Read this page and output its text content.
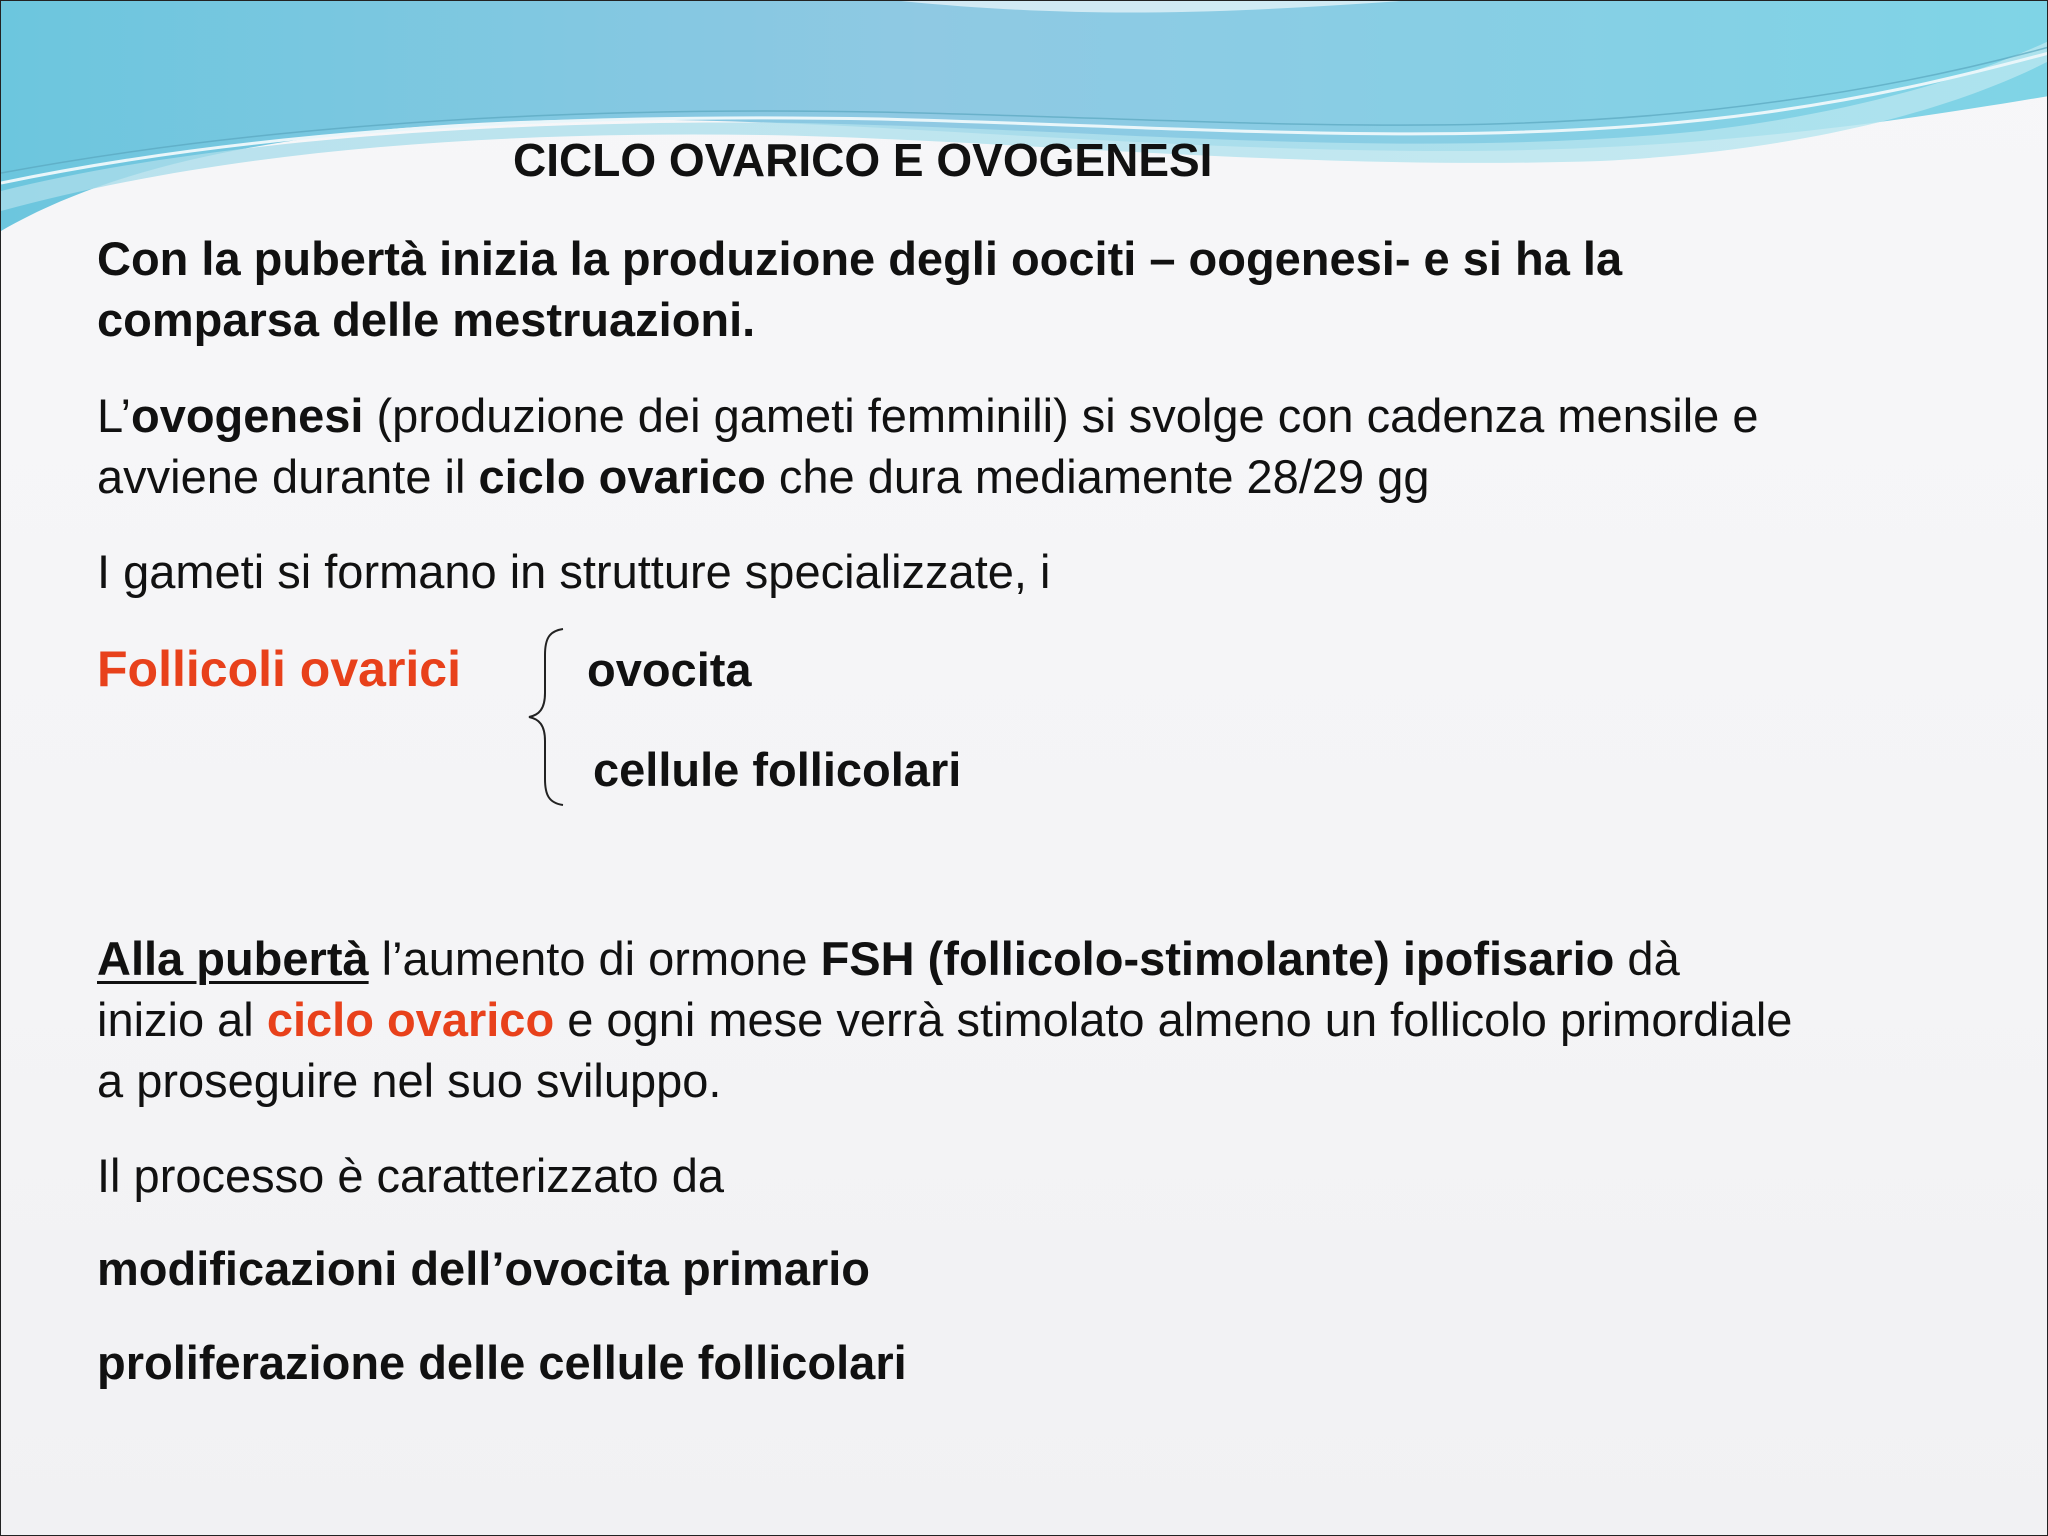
CICLO OVARICO E OVOGENESI

Con la pubertà inizia la produzione degli oociti – oogenesi- e si ha la
comparsa delle mestruazioni.

L’ovogenesi (produzione dei gameti femminili) si svolge con cadenza mensile e
avviene durante il ciclo ovarico che dura mediamente 28/29 gg

I gameti si formano in strutture specializzate, i

Follicoli ovarici	ovocita

cellule follicolari

Alla pubertà l’aumento di ormone FSH (follicolo-stimolante) ipofisario dà
inizio al ciclo ovarico e ogni mese verrà stimolato almeno un follicolo primordiale
a proseguire nel suo sviluppo.

Il processo è caratterizzato da

modificazioni dell’ovocita primario

proliferazione delle cellule follicolari
